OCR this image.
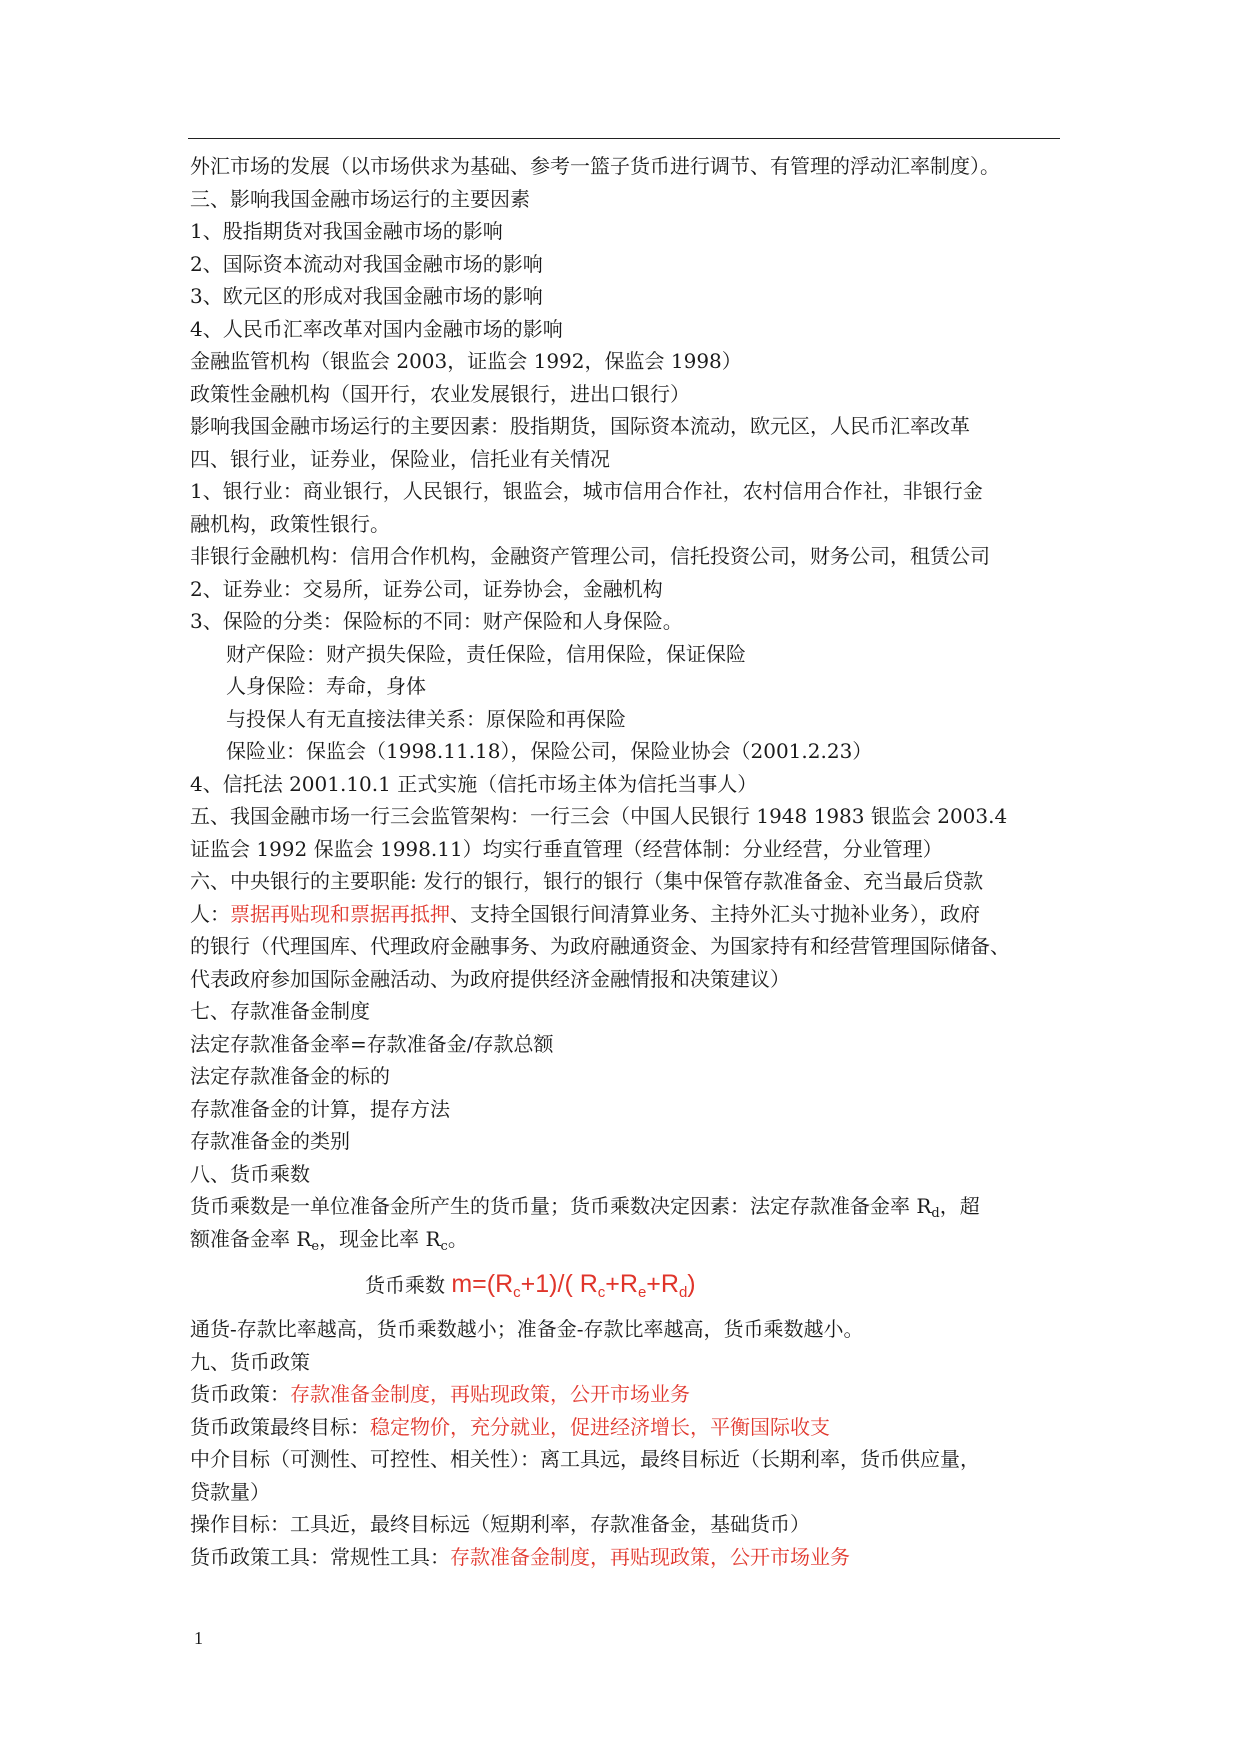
外汇市场的发展（以市场供求为基础、参考一篮子货币进行调节、有管理的浮动汇率制度）。
三、影响我国金融市场运行的主要因素
1、股指期货对我国金融市场的影响
2、国际资本流动对我国金融市场的影响
3、欧元区的形成对我国金融市场的影响
4、人民币汇率改革对国内金融市场的影响
金融监管机构（银监会 2003，证监会 1992，保监会 1998）
政策性金融机构（国开行，农业发展银行，进出口银行）
影响我国金融市场运行的主要因素：股指期货，国际资本流动，欧元区，人民币汇率改革
四、银行业，证券业，保险业，信托业有关情况
1、银行业：商业银行，人民银行，银监会，城市信用合作社，农村信用合作社，非银行金
融机构，政策性银行。
非银行金融机构：信用合作机构，金融资产管理公司，信托投资公司，财务公司，租赁公司
2、证券业：交易所，证券公司，证券协会，金融机构
3、保险的分类：保险标的不同：财产保险和人身保险。
财产保险：财产损失保险，责任保险，信用保险，保证保险
人身保险：寿命，身体
与投保人有无直接法律关系：原保险和再保险
保险业：保监会（1998.11.18），保险公司，保险业协会（2001.2.23）
4、信托法 2001.10.1 正式实施（信托市场主体为信托当事人）
五、我国金融市场一行三会监管架构：一行三会（中国人民银行 1948 1983 银监会 2003.4
证监会 1992 保监会 1998.11）均实行垂直管理（经营体制：分业经营，分业管理）
六、中央银行的主要职能: 发行的银行，银行的银行（集中保管存款准备金、充当最后贷款
人：票据再贴现和票据再抵押、支持全国银行间清算业务、主持外汇头寸抛补业务），政府
的银行（代理国库、代理政府金融事务、为政府融通资金、为国家持有和经营管理国际储备、
代表政府参加国际金融活动、为政府提供经济金融情报和决策建议）
七、存款准备金制度
法定存款准备金率=存款准备金/存款总额
法定存款准备金的标的
存款准备金的计算，提存方法
存款准备金的类别
八、货币乘数
货币乘数是一单位准备金所产生的货币量；货币乘数决定因素：法定存款准备金率 $R_d$，超
额准备金率 $R_e$，现金比率 $R_c$。
货币乘数 $m=(R_c+1)/$( $R_c+R_e+R_d$)
通货-存款比率越高，货币乘数越小；准备金-存款比率越高，货币乘数越小。
九、货币政策
货币政策：存款准备金制度，再贴现政策，公开市场业务
货币政策最终目标：稳定物价，充分就业，促进经济增长，平衡国际收支
中介目标（可测性、可控性、相关性）：离工具远，最终目标近（长期利率，货币供应量，
贷款量）
操作目标：工具近，最终目标远（短期利率，存款准备金，基础货币）
货币政策工具：常规性工具：存款准备金制度，再贴现政策，公开市场业务
1
